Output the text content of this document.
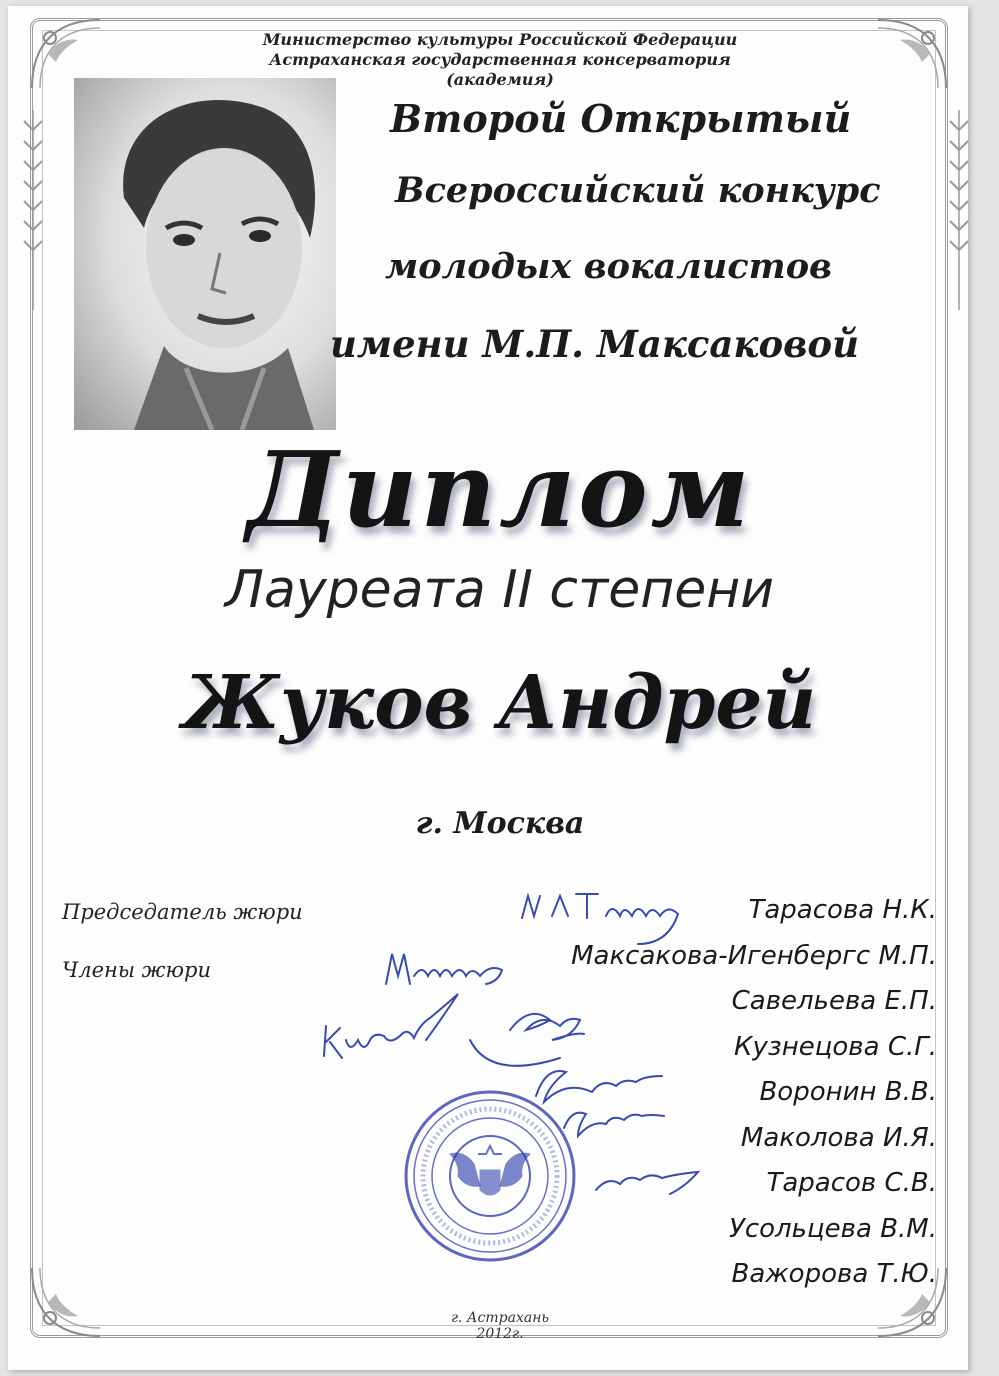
Министерство культуры Российской Федерации
Астраханская государственная консерватория (академия)
Второй Открытый
Всероссийский конкурс
молодых вокалистов
имени М.П. Максаковой
Диплом
Лауреата II степени
Жуков Андрей
г. Москва
Председатель жюри
Члены жюри
Тарасова Н.К.
Максакова-Игенбергс М.П.
Савельева Е.П.
Кузнецова С.Г.
Воронин В.В.
Маколова И.Я.
Тарасов С.В.
Усольцева В.М.
Важорова Т.Ю.
г. Астрахань
2012г.
